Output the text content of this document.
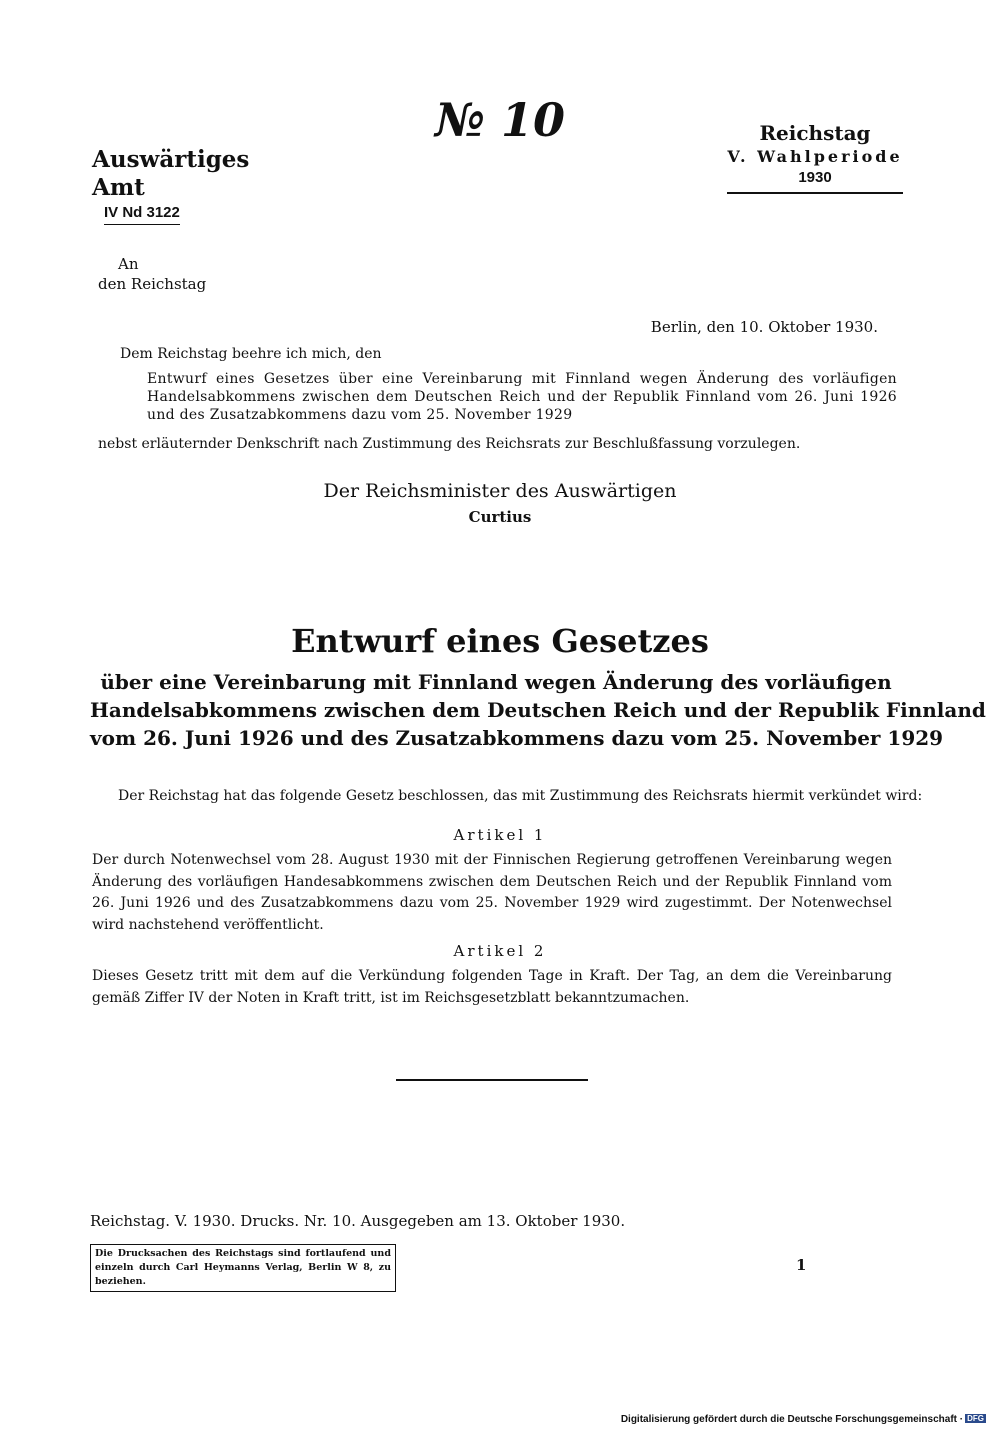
№ 10
Auswärtiges Amt
IV Nd 3122
Reichstag
V. Wahlperiode
1930
An
den Reichstag
Berlin, den 10. Oktober 1930.
Dem Reichstag beehre ich mich, den
Entwurf eines Gesetzes über eine Vereinbarung mit Finnland wegen Änderung des vorläufigen Handelsabkommens zwischen dem Deutschen Reich und der Republik Finnland vom 26. Juni 1926 und des Zusatzabkommens dazu vom 25. November 1929
nebst erläuternder Denkschrift nach Zustimmung des Reichsrats zur Beschlußfassung vorzulegen.
Der Reichsminister des Auswärtigen
Curtius
Entwurf eines Gesetzes
über eine Vereinbarung mit Finnland wegen Änderung des vorläufigen
Handelsabkommens zwischen dem Deutschen Reich und der Republik Finnland
vom 26. Juni 1926 und des Zusatzabkommens dazu vom 25. November 1929
Der Reichstag hat das folgende Gesetz beschlossen, das mit Zustimmung des Reichsrats hiermit verkündet wird:
Artikel 1
Der durch Notenwechsel vom 28. August 1930 mit der Finnischen Regierung getroffenen Vereinbarung wegen Änderung des vorläufigen Handesabkommens zwischen dem Deutschen Reich und der Republik Finnland vom 26. Juni 1926 und des Zusatzabkommens dazu vom 25. November 1929 wird zugestimmt. Der Notenwechsel wird nachstehend veröffentlicht.
Artikel 2
Dieses Gesetz tritt mit dem auf die Verkündung folgenden Tage in Kraft. Der Tag, an dem die Vereinbarung gemäß Ziffer IV der Noten in Kraft tritt, ist im Reichsgesetzblatt bekanntzumachen.
Reichstag. V. 1930. Drucks. Nr. 10. Ausgegeben am 13. Oktober 1930.
Die Drucksachen des Reichstags sind fortlaufend und einzeln durch Carl Heymanns Verlag, Berlin W 8, zu beziehen.
1
Digitalisierung gefördert durch die Deutsche Forschungsgemeinschaft · DFG
